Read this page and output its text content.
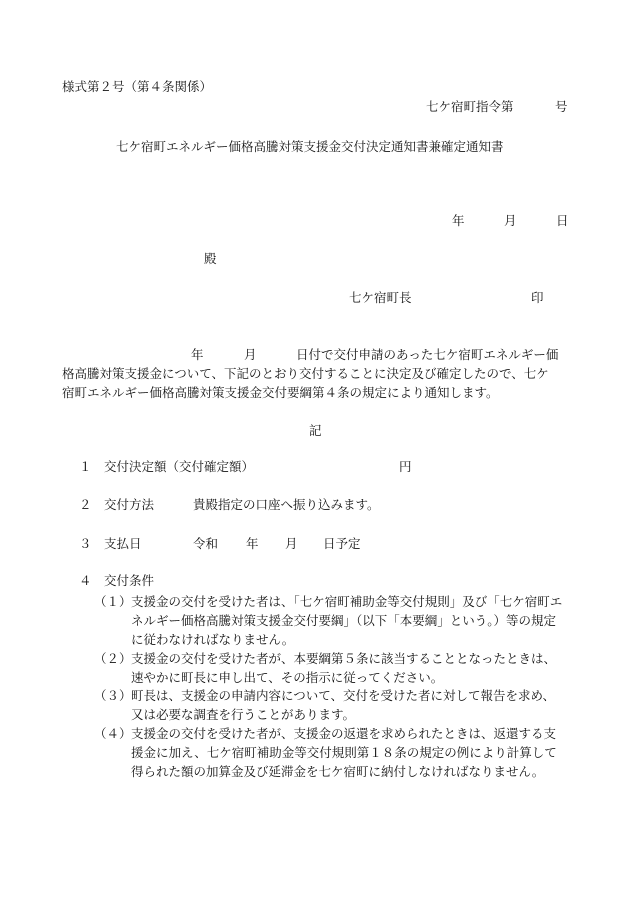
様式第２号（第４条関係）
七ケ宿町指令第	号
七ケ宿町エネルギー価格高騰対策支援金交付決定通知書兼確定通知書
年	月	日
殿
七ケ宿町長	印
年	月	日付で交付申請のあった七ケ宿町エネルギー価
格高騰対策支援金について、下記のとおり交付することに決定及び確定したので、七ケ
宿町エネルギー価格高騰対策支援金交付要綱第４条の規定により通知します。
記
１ 交付決定額（交付確定額）	円
２ 交付方法	貴殿指定の口座へ振り込みます。
３ 支払日	令和 年 月 日予定
４ 交付条件
（１） 支援金の交付を受けた者は、「七ケ宿町補助金等交付規則」及び「七ケ宿町エ
ネルギー価格高騰対策支援金交付要綱」（以下「本要綱」という。）等の規定
に従わなければなりません。
（２） 支援金の交付を受けた者が、本要綱第５条に該当することとなったときは、
速やかに町長に申し出て、その指示に従ってください。
（３） 町長は、支援金の申請内容について、交付を受けた者に対して報告を求め、
又は必要な調査を行うことがあります。
（４） 支援金の交付を受けた者が、支援金の返還を求められたときは、返還する支
援金に加え、七ケ宿町補助金等交付規則第１８条の規定の例により計算して
得られた額の加算金及び延滞金を七ケ宿町に納付しなければなりません。
